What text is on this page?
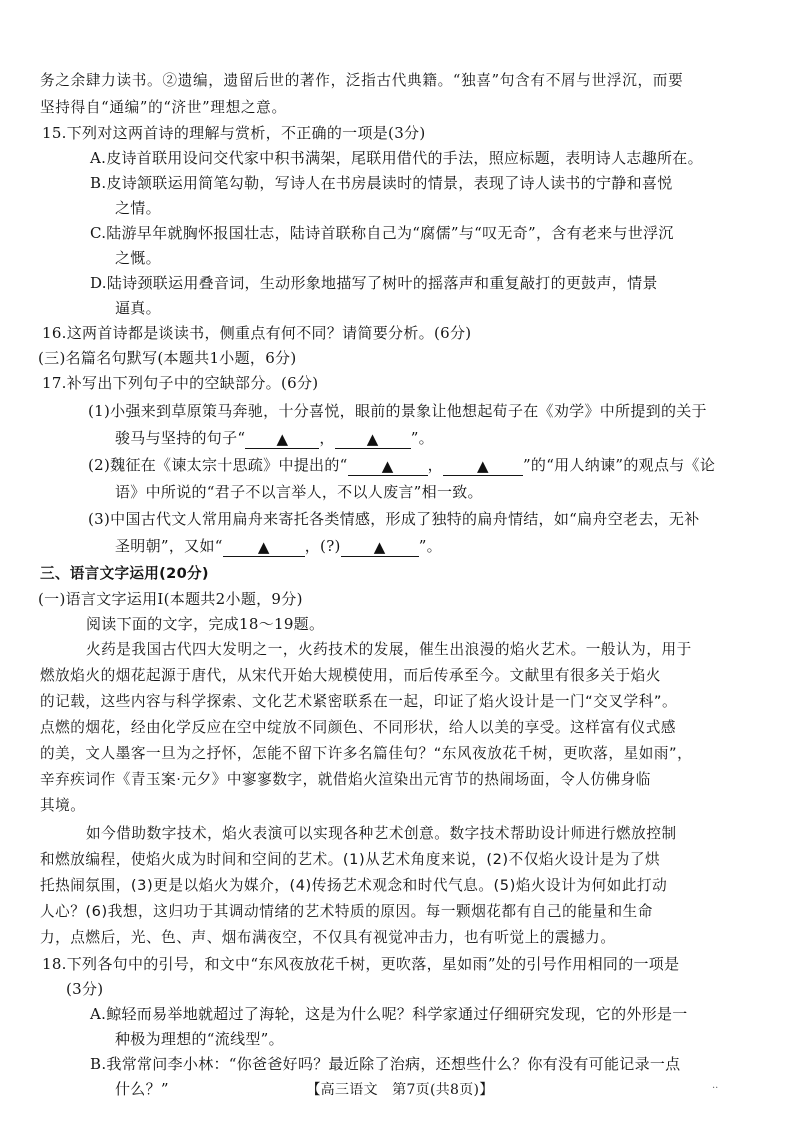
务之余肆力读书。②遗编，遗留后世的著作，泛指古代典籍。“独喜”句含有不屑与世浮沉，而要
坚持得自“通编”的“济世”理想之意。
15.下列对这两首诗的理解与赏析，不正确的一项是(3分)
A.皮诗首联用设问交代家中积书满架，尾联用借代的手法，照应标题，表明诗人志趣所在。
B.皮诗颔联运用简笔勾勒，写诗人在书房晨读时的情景，表现了诗人读书的宁静和喜悦
之情。
C.陆游早年就胸怀报国壮志，陆诗首联称自己为“腐儒”与“叹无奇”，含有老来与世浮沉
之慨。
D.陆诗颈联运用叠音词，生动形象地描写了树叶的摇落声和重复敲打的更鼓声，情景
逼真。
16.这两首诗都是谈读书，侧重点有何不同？请简要分析。(6分)
(三)名篇名句默写(本题共1小题，6分)
17.补写出下列句子中的空缺部分。(6分)
(1)小强来到草原策马奔驰，十分喜悦，眼前的景象让他想起荀子在《劝学》中所提到的关于
骏马与坚持的句子“ ▲ ， ▲ ”。
(2)魏征在《谏太宗十思疏》中提出的“ ▲ ， ▲ ”的“用人纳谏”的观点与《论
语》中所说的“君子不以言举人，不以人废言”相一致。
(3)中国古代文人常用扁舟来寄托各类情感，形成了独特的扁舟情结，如“扁舟空老去，无补
圣明朝”，又如“ ▲ ，(?) ▲ ”。
三、语言文字运用(20分)
(一)语言文字运用Ⅰ(本题共2小题，9分)
阅读下面的文字，完成18～19题。
火药是我国古代四大发明之一，火药技术的发展，催生出浪漫的焰火艺术。一般认为，用于
燃放焰火的烟花起源于唐代，从宋代开始大规模使用，而后传承至今。文献里有很多关于焰火
的记载，这些内容与科学探索、文化艺术紧密联系在一起，印证了焰火设计是一门“交叉学科”。
点燃的烟花，经由化学反应在空中绽放不同颜色、不同形状，给人以美的享受。这样富有仪式感
的美，文人墨客一旦为之抒怀，怎能不留下许多名篇佳句？“东风夜放花千树，更吹落，星如雨”，
辛弃疾词作《青玉案·元夕》中寥寥数字，就借焰火渲染出元宵节的热闹场面，令人仿佛身临
其境。
如今借助数字技术，焰火表演可以实现各种艺术创意。数字技术帮助设计师进行燃放控制
和燃放编程，使焰火成为时间和空间的艺术。(1)从艺术角度来说，(2)不仅焰火设计是为了烘
托热闹氛围，(3)更是以焰火为媒介，(4)传扬艺术观念和时代气息。(5)焰火设计为何如此打动
人心？(6)我想，这归功于其调动情绪的艺术特质的原因。每一颗烟花都有自己的能量和生命
力，点燃后，光、色、声、烟布满夜空，不仅具有视觉冲击力，也有听觉上的震撼力。
18.下列各句中的引号，和文中“东风夜放花千树，更吹落，星如雨”处的引号作用相同的一项是
(3分)
A.鲸轻而易举地就超过了海轮，这是为什么呢？科学家通过仔细研究发现，它的外形是一
种极为理想的“流线型”。
B.我常常问李小林：“你爸爸好吗？最近除了治病，还想些什么？你有没有可能记录一点
什么？”	【高三语文　第7页(共8页)】	··
